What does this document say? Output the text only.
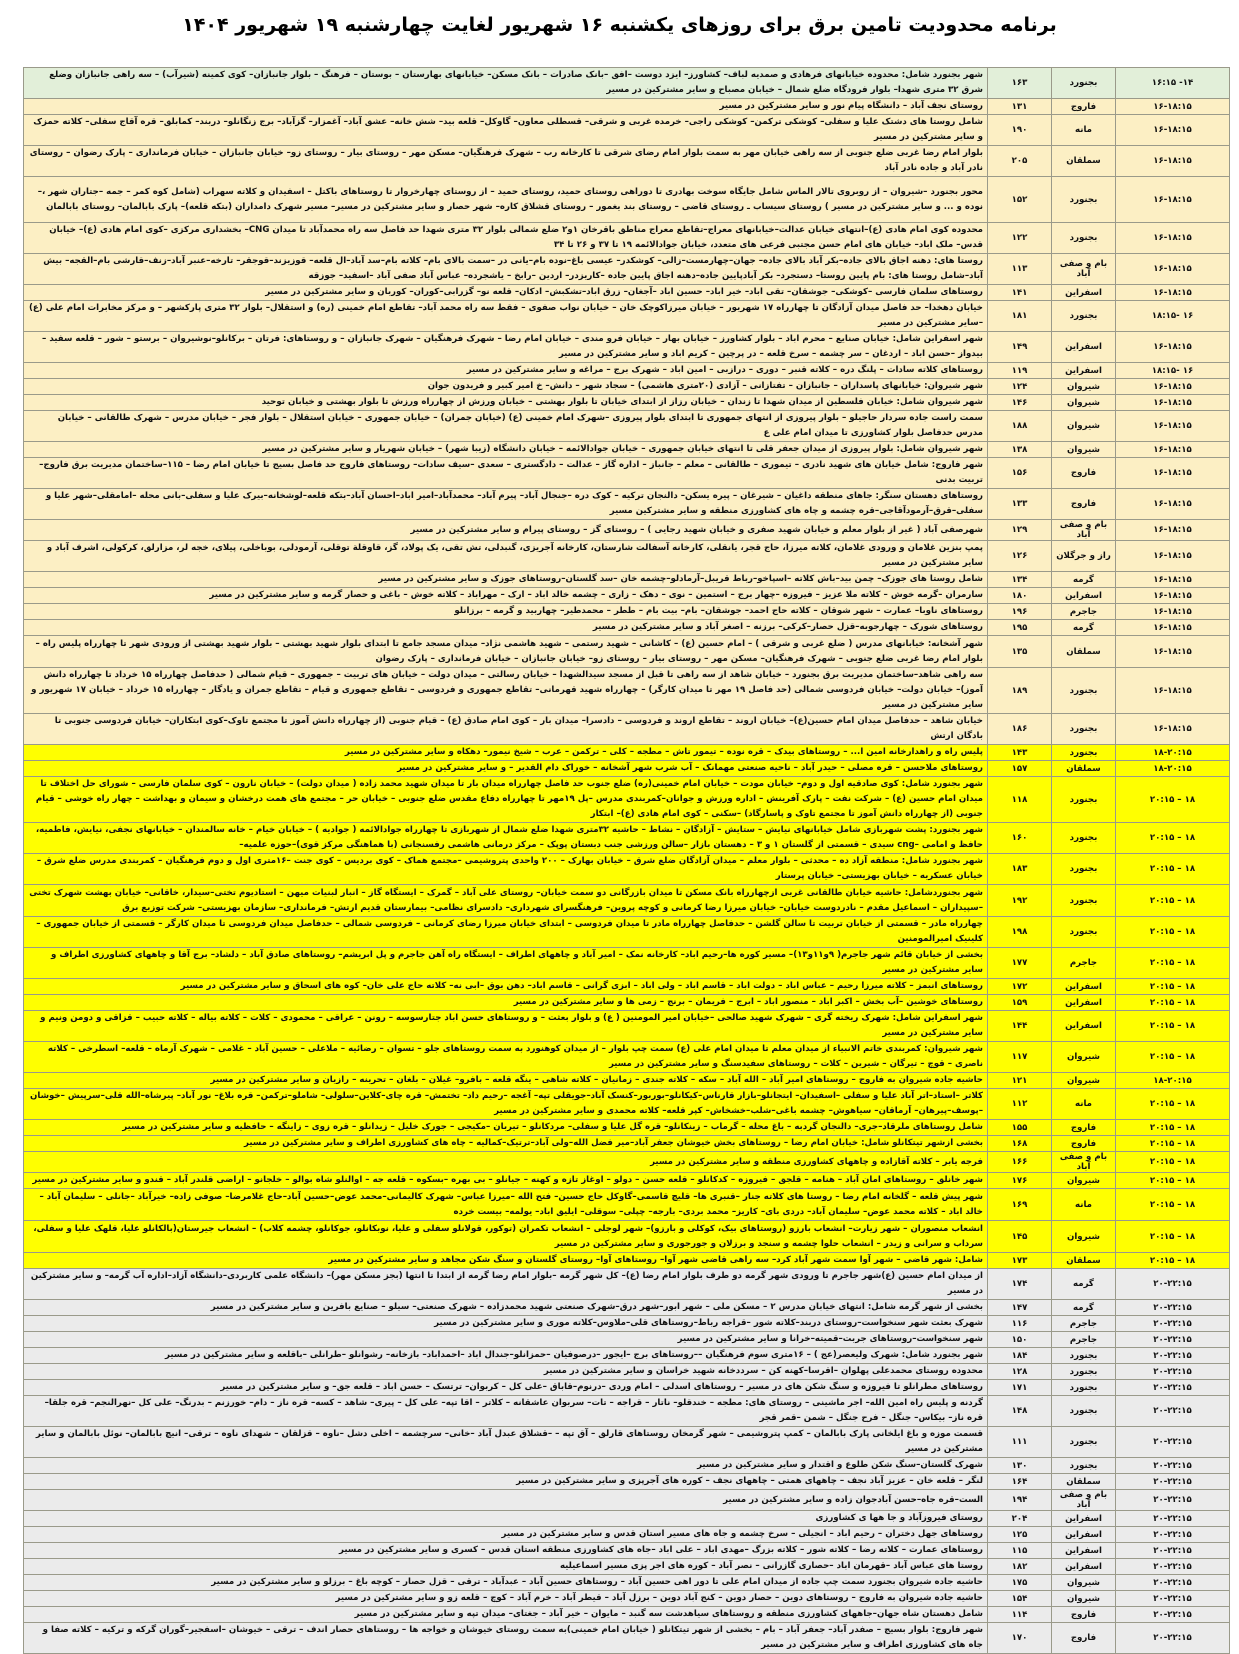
برنامه محدودیت تامین برق برای روزهای یکشنبه ۱۶ شهریور لغایت چهارشنبه ۱۹ شهریور ۱۴۰۴
۱۴- ۱۶:۱۵	بجنورد	۱۶۳	شهر بجنورد شامل: محدوده خیابانهای فرهادی و صمدیه لباف– کشاورز– ایزد دوست –افق –بانک صادرات – بانک مسکن– خیابانهای بهارستان – بوستان – فرهنگ – بلوار جانبازان– کوی کمینه (شیرآب) – سه راهی جانبازان وضلع شرق ۳۲ متری شهدا– بلوار فرودگاه ضلع شمال – خیابان مصباح و سایر مشترکین در مسیر
۱۶-۱۸:۱۵	فاروج	۱۳۱	روستای نجف آباد – دانشگاه پیام نور و سایر مشترکین در مسیر
۱۶-۱۸:۱۵	مانه	۱۹۰	شامل روستا های دشتک علیا و سفلی– کوشکی ترکمن– کوشکی راجی– خرمده غربی و شرقی– قسطلی معاون– گاوکل– قلعه بید– شش خانه– عشق آباد– آغمزار– گزآباد– برج زنگانلو– دربند– کمابلق– قره آقاج سفلی– کلاته حمزک و سایر مشترکین در مسیر
۱۶-۱۸:۱۵	سملقان	۲۰۵	بلوار امام رضا غربی ضلع جنوبی از سه راهی خیابان مهر به سمت بلوار امام رضای شرقی تا کارخانه رب – شهرک فرهنگیان– مسکن مهر – روستای بیار – روستای زو– خیابان جانبازان – خیابان فرمانداری – پارک رضوان – روستای نادر آباد و جاده نادر آباد
۱۶-۱۸:۱۵	بجنورد	۱۵۲	محور بجنورد –شیروان – از روبروی تالار الماس شامل جایگاه سوخت بهادری تا دوراهی روستای حمید، روستای حمید – از روستای چهارخروار تا روستاهای باکتل – اسفیدان و کلاته سهراب (شامل کوه کمر – جمه –جتاران شهر ،– نوده و ... و سایر مشترکین در مسیر ) روستای سیساب ـ روستای قاضی – روستای بند یغمور – روستای قشلاق کاره– شهر حصار و سایر مشترکین در مسیر– مسیر شهرک دامداران (بتکه قلعه)– پارک بابالمان– روستای بابالمان
۱۶-۱۸:۱۵	بجنورد	۱۲۲	محدوده کوی امام هادی (ع)–انتهای خیابان عدالت–خیابانهای معراج–تقاطع معراج مناطق باقرخان ۱و۲ ضلع شمالی بلوار ۳۲ متری شهدا حد فاصل سه راه محمدآباد تا میدان CNG– بخشداری مرکزی –کوی امام هادی (ع)– خیابان قدس– ملک اباد– خیابان های امام حسن مجتبی فرعی های متعدد، خیابان جوادالائمه ۱۹ تا ۳۷ و ۲۶ تا ۳۴
۱۶-۱۸:۱۵	بام و صفی آباد	۱۱۳	روستا های: دهنه اجاق بالای جاده–بکر آباد بالای جاده– جهان–چهارمست–زالی– کوشکدر– عیسی باغ–نوده بام–یانی در –سمت بالای بام– کلاته بام–سد آباد–ال قلعه– قوزیزند–قوجقر– تارخه–عنبر آباد–زنف–قارشی بام–القجه– بیش آباد–شامل روستا های: بام پایین روستا– دستجرد– بکر آبادپایین جاده–دهنه اجاق پایین جاده –کاریزدر– اردین –رابخ – یاشجرده– عباس آباد صفی آباد –اسفید– جوزقه
۱۶-۱۸:۱۵	اسفراین	۱۴۱	روستاهای سلمان فارسی –کوشکی– جوشقان– تقی اباد– خیر اباد– حسین اباد –آجغان– زرق اباد–تشکبش– ادکان– قلعه نو– گزرابی–کوران– کوربان و سایر مشترکین در مسیر
۱۶ -۱۸:۱۵	بجنورد	۱۸۱	خیابان دهخدا– حد فاصل میدان آزادگان تا چهارراه ۱۷ شهریور – خیابان میرزاکوچک خان – خیابان نواب صفوی – فقط سه راه محمد آباد– تقاطع امام خمینی (ره) و استقلال– بلوار ۳۲ متری پارکشهر – و مرکز مخابرات امام علی (ع) –سایر مشترکین در مسیر
۱۶-۱۸:۱۵	اسفراین	۱۴۹	شهر اسفراین شامل: خیابان صنایع – محرم اباد – بلوار کشاورز – خیابان بهار – خیابان فرو مندی – خیابان امام رضا – شهرک فرهنگیان – شهرک جانبازان – و روستاهای: فرتان – برکانلو–نوشیروان – برستو – شور – قلعه سفید – بیدواز –حسن اباد – اردغان – سر چشمه – سرخ قلعه – در پرچین – کریم اباد و سایر مشترکین در مسیر
۱۶ -۱۸:۱۵	اسفراین	۱۱۹	روستاهای کلاته سادات – پلنگ دره – کلاته قنبر – دوری – درازبی – امین اباد – شهرک برج – مراغه و سایر مشترکین در مسیر
۱۶-۱۸:۱۵	شیروان	۱۲۴	شهر شیروان: خیابانهای پاسداران – جانبازان – تفتازانی – آزادی (۲۰متری هاشمی) – سجاد شهر – دانش– خ امیر کبیر و فریدون جوان
۱۶-۱۸:۱۵	شیروان	۱۴۶	شهر شیروان شامل: خیابان فلسطین از میدان شهدا تا زندان – خیابان رزاز از ابتدای خیابان تا بلوار بهشتی – خیابان ورزش از چهارراه ورزش تا بلوار بهشتی و خیابان توحید
۱۶-۱۸:۱۵	شیروان	۱۸۸	سمت راست جاده سردار حاجیلو – بلوار پیروزی از انتهای جمهوری تا ابتدای بلوار پیروزی –شهرک امام خمینی (ع) (خیابان جمران) – خیابان جمهوری – خیابان استقلال – بلوار فجر – خیابان مدرس – شهرک طالقانی – خیابان مدرس حدفاصل بلوار کشاورزی تا میدان امام علی ع
۱۶-۱۸:۱۵	شیروان	۱۳۸	شهر شیروان شامل: بلوار پیروزی از میدان جعفر قلی تا انتهای خیابان جمهوری – خیابان جوادالائمه – خیابان دانشگاه (زیبا شهر) – خیابان شهریار و سایر مشترکین در مسیر
۱۶-۱۸:۱۵	فاروج	۱۵۶	شهر فاروج: شامل خیابان های شهید نادری – تیموری – طالقانی – معلم – جانباز – اداره گاز – عدالت – دادگستری – سعدی –سیف سادات– روستاهای فاروج حد فاصل بسیج تا خیابان امام رضا – ۱۱۵–ساختمان مدیریت برق فاروج– تربیت بدنی
۱۶-۱۸:۱۵	فاروج	۱۳۳	روستاهای دهستان سنگر: جاهای منطقه داغیان – شیرغان – پیره یسکن– دالنجان ترکیه – کوک دره –جنجال آباد– پیرم آباد– محمدآباد–امیر اباد–احسان آباد–بتکه قلعه–لوشخانه–بیرک علیا و سفلی–بانی محله –امامقلی–شهر علیا و سفلی–قرق–آرمودآقاجی–قره چشمه و چاه های کشاورزی منطقه و سایر مشترکین مسیر
۱۶-۱۸:۱۵	بام و صفی آباد	۱۲۹	شهرصفی آباد ( غیر از بلوار معلم و خیابان شهید صفری و خیابان شهید رجایی ) – روستای گز – روستای پیرام و سایر مشترکین در مسیر
۱۶-۱۸:۱۵	راز و جرگلان	۱۲۶	پمپ بنزین غلامان و ورودی غلامان، کلاته میرزا، حاج قجر، یانقلی، کارخانه آسفالت شارستان، کارخانه آجریزی، گنبدلی، تش تقی، یک پولاد، گز، قاوقلة توقلی، آرمودلی، بوباخلی، پیلای، خجه لر، مزارلق، کرکولی، اشرف آباد و سایر مشترکین در مسیر
۱۶-۱۸:۱۵	گرمه	۱۳۴	شامل روستا های جوزک– چمن بید–باش کلاته –اسپاخو–رباط قریبل–آرمادلو–چشمه خان –سد گلستان–روستاهای جوزک و سایر مشترکین در مسیر
۱۶-۱۸:۱۵	اسفراین	۱۸۰	سارمران –گرمه خوش – کلاته ملا عزیز – فیروزه –چهار برج – استمین – نوی – دهک – زاری – چشمه خالد اباد – ارک – مهراباد – کلاته خوش – باغی و حصار گرمه و سایر مشترکین در مسیر
۱۶-۱۸:۱۵	جاجرم	۱۹۶	روستاهای ناوبا– عمارت – شهر شوقان – کلاته حاج احمد– جوشقان– بام– بیت بام – ططر – محمدطیر– چهاربید و گرمه – برزانلو
۱۶-۱۸:۱۵	گرمه	۱۹۵	روستاهای شورک – چهارجوبه–قزل حصار–کرکی– برزنه – اصغر آباد و سایر مشترکین در مسیر
۱۶-۱۸:۱۵	سملقان	۱۳۵	شهر آشخانه: خیابانهای مدرس ( ضلع غربی و شرقی ) – امام حسین (ع) – کاشانی – شهید رستمی – شهید هاشمی نژاد– میدان مسجد جامع تا ابتدای بلوار شهید بهشتی – بلوار شهید بهشتی از ورودی شهر تا چهارراه پلیس راه – بلوار امام رضا غربی ضلع جنوبی – شهرک فرهنگیان– مسکن مهر – روستای بیار – روستای زو– خیابان جانبازان – خیابان فرمانداری – پارک رضوان
۱۶-۱۸:۱۵	بجنورد	۱۸۹	سه راهی شاهد–ساختمان مدیریت برق بجنورد – خیابان شاهد از سه راهی تا قبل از مسجد سیدالشهدا – خیابان رسالتی – میدان دولت – خیابان های تربیت – جمهوری – قیام شمالی ( حدفاصل چهارراه ۱۵ خرداد تا چهارراه دانش آموز)– خیابان دولت– خیابان فردوسی شمالی (حد فاصل ۱۹ مهر تا میدان کارگر) – چهارراه شهید قهرمانی– تقاطع جمهوری و فردوسی – تقاطع جمهوری و قیام – تقاطع جمران و یادگار – چهارراه ۱۵ خرداد – خیابان ۱۷ شهریور و سایر مشترکین در مسیر
۱۶-۱۸:۱۵	بجنورد	۱۸۶	خیابان شاهد – حدفاصل میدان امام حسین(ع)– خیابان اروند – تقاطع اروند و فردوسی – دادسرا– میدان بار – کوی امام صادق (ع) – قیام جنوبی (از چهارراه دانش آموز تا مجتمع تاوک–کوی ابتکاران– خیابان فردوسی جنوبی تا بادگان ارتش
۱۸-۲۰:۱۵	بجنورد	۱۴۳	پلیس راه و راهدارخانه امین ا... – روستاهای بیدک – قره نوده – تیمور تاش – مطجه – کلی – ترکمن – عرب – شیخ نیمور– دهکاه و سایر مشترکین در مسیر
۱۸-۲۰:۱۵	سملقان	۱۵۷	روستاهای ملاحسن – قره مصلی – حیدر آباد – ناحیه صنعتی مهمانک – آب شرب شهر آشخانه – خوراک دام القدیر – و سایر مشترکین در مسیر
۱۸ – ۲۰:۱۵	بجنورد	۱۱۸	شهر بجنورد شامل: کوی صادقیه اول و دوم– خیابان مودت – خیابان امام خمینی(ره) ضلع جنوب حد فاصل چهارراه میدان بار تا میدان شهید محمد زاده ( میدان دولت) – خیابان نارون – کوی سلمان فارسی – شورای حل اختلاف تا میدان امام حسین (ع) – شرکت نفت – پارک آفرینش – اداره ورزش و جوانان–کمربندی مدرس –پل ۱۹مهر تا چهارراه دفاع مقدس ضلع جنوبی – خیابان حر – مجتمع های همت درخشان و سیمان و بهداشت – چهار راه خوشی – قیام جنوبی (از چهارراه دانش آموز تا مجتمع تاوک و پاسارگاد) –سکنی – کوی امام هادی (ع)– ابتکار
۱۸ – ۲۰:۱۵	بجنورد	۱۶۰	شهر بجنورد: پشت شهربازی شامل خیابانهای نیایش – ستایش – آزادگان – نشاط – حاشیه ۳۲متری شهدا ضلع شمال از شهربازی تا چهارراه جوادالائمه ( جوادیه ) – خیابان خیام – خانه سالمندان – خیابانهای نجفی، نیایش، فاطمیه، حافظ و امامی –cng سیدی – قسمتی از گلستان ۱ و ۳ – دهستان بازار –سالن ورزشی جنب دبستان پوپک – مرکز درمانی هاشمی رفسنجانی (با هماهنگی مرکز قوی)–حوزه علمیه–
۱۸ – ۲۰:۱۵	بجنورد	۱۸۳	شهر بجنورد شامل: منطقه آزاد ده – محدثی – بلوار معلم – میدان آزادگان ضلع شرق – خیابان بهارک – ۲۰۰ واحدی پتروشیمی –مجتمع هماک – کوی بردیس – کوی جنت –۱۶متری اول و دوم فرهنگیان – کمربندی مدرس ضلع شرق – خیابان عسکریه – خیابان بهزیستی– خیابان پرستار
۱۸ – ۲۰:۱۵	بجنورد	۱۹۲	شهر بجنوردشامل: حاشیه خیابان طالقانی غربی ازچهارراه بانک مسکن تا میدان بازرگانی دو سمت خیابان– روستای علی آباد – گمرک – ایستگاه گاز – انبار لبنیات میهن – استادیوم تختی–سیدار، خاقانی– خیابان بهشت شهرک تختی –سپیداران – اسماعیل مقدم – نادردوست خیابان– خیابان میرزا رضا کرمانی و کوچه پروین– فرهنگسرای شهرداری– دادسرای نظامی– بیمارستان قدیم ارتش– فرمانداری– سازمان بهزیستی– شرکت توزیع برق
۱۸ – ۲۰:۱۵	بجنورد	۱۹۸	چهارراه مادر – قسمتی از خیابان تربیت تا سالن گلشن – حدفاصل چهارراه مادر تا میدان فردوسی – ابتدای خیابان میرزا رضای کرمانی – فردوسی شمالی – حدفاصل میدان فردوسی تا میدان کارگر – قسمتی از خیابان جمهوری – کلینیک امیرالمومنین
۱۸ – ۲۰:۱۵	جاجرم	۱۷۷	بخشی از خیابان قائم شهر جاجرم( ۹و۱۱و۱۳)– مسیر کوره ها–رحیم اباد– کارخانه نمک – امیر آباد و چاههای اطراف – ایستگاه راه آهن جاجرم و پل ابریشم– روستاهای صادق آباد – دلشاد– برج آقا و چاههای کشاورزی اطراف و سایر مشترکین در مسیر
۱۸ – ۲۰:۱۵	اسفراین	۱۷۲	روستاهای انبمز – کلاته میرزا رحیم – عباس اباد – دولت اباد – قاسم اباد – ولی اباد – ابزی گرانی – قاسم اباد– دهن بوق –ابی نه– کلاته حاج علی خان– کوه های اسحاق و سایر مشترکین در مسیر
۱۸ – ۲۰:۱۵	اسفراین	۱۵۹	روستاهای خوشین –آب بخش – اکبر اباد – منصور اباد – ابرج – فریمان – برنج – زمی ها و سایر مشترکین در مسیر
۱۸ – ۲۰:۱۵	اسفراین	۱۴۴	شهر اسفراین شامل: شهرک ریخته گری – شهرک شهید صالحی –خیابان امیر المومنین ( ع) و بلوار بعثت – و روستاهای حسن اباد جتارسوسه – رونن – عراقی – محمودی – کلات – کلاته بیاله – کلاته حبیب – قزاقی و دومن ونیم و سایر مشترکین در مسیر
۱۸ – ۲۰:۱۵	شیروان	۱۱۷	شهر شیروان: کمربندی خاتم الانبیاء از میدان معلم تا میدان امام علی (ع) سمت چپ بلوار – از میدان کوهنورد به سمت روستاهای جلو – تسوان – رضائیه – ملاعلی – حسین آباد – غلامی – شهرک آرماه – قلعه– اسطرخی – کلاته ناصری – قوچ – تیرگان – شیرین – کلات – روستاهای سفیدسنگ و سایر مشترکین در مسیر
۱۸-۲۰:۱۵	شیروان	۱۲۱	حاشیه جاده شیروان به فاروج – روستاهای امیر آباد – الله آباد – سکه – کلاته جندی – زمانیان – کلاته شاهی – ینگه قلعه – بافرو– غیلان – بلغان – تحرینه – رازیان و سایر مشترکین در مسیر
۱۸ – ۲۰:۱۵	مانه	۱۱۲	کلاتر –استاد–اتر آباد علیا و سفلی –اسفیدان– ایتجانلو–بازار قارناس–کیکانلو–بوربور–کنسک آباد–جویقلی تپه– آغجه –رحیم داد– تختمش– قره چای–کلاین–سلولی– شاملو–ترکمن– قره بلاغ– نور آباد– پیرشاه–الله قلی–سرپیش –خوشان –پوسف–پیرهان– آرماقان– سیاهوش– چشمه باغی–شلب–خشخاش– کپر قلعه– کلاته محمدی و سایر مشترکین در مسیر
۱۸ – ۲۰:۱۵	فاروج	۱۵۵	شامل روستاهای ملرقاد–جری– دالنجان گردبه – باغ محله – گرماب – زینکانلو– قره گل علیا و سفلی– مردکانلو – تیربان –مکیجی – جورک خلیل – زیدانلو – قره زوی – زاینگه – حافظیه و سایر مشترکین در مسیر
۱۸ – ۲۰:۱۵	فاروج	۱۶۸	بخشی ازشهر تیتکانلو شامل: خیابان امام رضا – روستاهای بخش خیوشان جعفر آباد–میر فضل الله–ولی آباد–ترتیک–کمالیه – چاه های کشاورزی اطراف و سایر مشترکین در مسیر
۱۸ – ۲۰:۱۵	بام و صفی آباد	۱۶۶	فرجه یابر – کلاته آقازاده و چاههای کشاورزی منطقه و سایر مشترکین در مسیر
۱۸ – ۲۰:۱۵	شیروان	۱۷۶	شهر خانلق – روستاهای امان آباد – هنامه – قلجق – فیروزه – کدکانلو – قلعه حسن – دولو – اوغاز تازه و کهنه – جیانلو – بی بهره –بسکوه – قلعه جه – اوالنلو شاه بوالو – خلجانو – اراضی قلندر آباد – قندو و سایر مشترکین در مسیر
۱۸ – ۲۰:۱۵	مانه	۱۶۹	شهر پیش قلعه – گلخانه امام رضا – روستا های کلاته جنار –قنبری ها– قلیچ قاسمی–گاوکل حاج حسین– فتح الله –میرزا عباس– شهرک کالیمانی–محمد عوض–حسین آباد–حاج غلامرضا– صوفی زاده– خیرآباد –جانلی – سلیمان آباد – خالد اباد – کلاته محمد عوض– سلیمان آباد– دردی بای– کاریز– محمد بردی– بارجه– چپلی– سوقلی– ایلیق اباد– یولمه– بیست خرده
۱۸ – ۲۰:۱۵	شیروان	۱۴۵	انشعاب منصوران – شهر زیارت– انشعاب بارزو (روستاهای بیک، کوکلی و بارزو)– شهر لوجلی – انشعاب تکمران (توکور، قولانلو سفلی و علیا، نوبکانلو، جوکانلو، چشمه کلاب) – انشعاب جیرستان(بالکانلو علیا، قلهک علیا و سفلی، سرداب و سرانی و زیدر – انشعاب حلوا چشمه و سنجد و برزلان و جورجوری و سایر مشترکین در مسیر
۱۸ – ۲۰:۱۵	سملقان	۱۷۳	شامل: شهر قاضی – شهر آوا سمت شهر آباد کرد– سه راهی قاضی شهر آوا– روستاهای آوا– روستای گلستان و سنگ شکن مجاهد و سایر مشترکین در مسیر
۲۰-۲۲:۱۵	گرمه	۱۷۴	از میدان امام حسین (ع)شهر جاجرم تا ورودی شهر گرمه دو طرف بلوار امام رضا (ع)– کل شهر گرمه –بلوار امام رضا گرمه از ابتدا تا انتها (بجز مسکن مهر)– دانشگاه علمی کاربردی–دانشگاه آزاد–اداره آب گرمه– و سایر مشترکین در مسیر
۲۰-۲۲:۱۵	گرمه	۱۴۷	بخشی از شهر گرمه شامل: انتهای خیابان مدرس ۲ – مسکن ملی – شهر ابور–شهر درق–شهرک صنعتی شهید محمدزاده – شهرک صنعتی– سیلو – صنایع بافرین و سایر مشترکین در مسیر
۲۰-۲۲:۱۵	جاجرم	۱۱۶	شهرک بعثت شهر سنخواست–روستای دربند–کلاته شور –قراجه رباط–روستاهای قلی–ملاوس–کلاته موری و سایر مشترکین در مسیر
۲۰-۲۲:۱۵	جاجرم	۱۵۰	شهر سنخواست–روستاهای جربت–قمیته–خرانا و سایر مشترکین در مسیر
۲۰-۲۲:۱۵	بجنورد	۱۸۴	شهر بجنورد شامل: شهرک ولیعصر(عج ) – ۱۶متری سوم فرهنگیان ––روستاهای برج –ایجور –درصوفیان –حمزانلو–جندال اباد –احمداباد– بازخانه– رشوانلو –طرانلی –باقلعه و سایر مشترکین در مسیر
۲۰-۲۲:۱۵	بجنورد	۱۲۸	محدوده روستای محمدعلی پهلوان –اقرسا–کهنه کن – سرددخانه شهید خراسان و سایر مشترکین در مسیر
۲۰-۲۲:۱۵	بجنورد	۱۷۱	روستاهای مطرانلو تا فیروزه و سنگ شکن های در مسیر – روستاهای اسدلی – امام وردی –درنوم–قاباق –علی کل – کربوان– ترتسک – حسن اباد – قلعه جق– و سایر مشترکین در مسیر
۲۰-۲۲:۱۵	بجنورد	۱۴۸	گردنه و پلیس راه امین الله– اجر ماشینی – روستای های: مطجه – خندقلو– ناتار – قراجه – تات– سربوان عاشقانه – کلاتر – اقا تپه– علی کل – پیری– شاهد – کسه– قره ناز – دام– خورزنم – بدرنگ– علی کل –نهرالنجم– قره جلقا– قره ناز– بیکاس– جنگل – فرح جنگل – شمن –قمر قجر
۲۰-۲۲:۱۵	بجنورد	۱۱۱	قسمت موزه و باغ ایلخانی پارک بابالمان – کمپ پتروشیمی – شهر گرمخان روستاهای قارلق – آق تپه – –قشلاق عبدل آباد –خانی– سرچشمه – اخلی دشل –ناوه – قزلقان – شهدای ناوه – ترقی– انیچ بابالمان– نوئل بابالمان و سایر مشترکین در مسیر
۲۰-۲۲:۱۵	بجنورد	۱۳۰	شهرک گلستان–سنگ شکن طلوع و اقتدار و سایر مشترکین در مسیر
۲۰-۲۲:۱۵	سملقان	۱۶۴	لنگر – قلعه خان – عزیز آباد نجف – چاههای همتی – چاههای نجف – کوره های آجرپزی و سایر مشترکین در مسیر
۲۰-۲۲:۱۵	بام و صفی آباد	۱۹۴	الست–قره جاه–حسن آبادجوان زاده و سایر مشترکین در مسیر
۲۰-۲۲:۱۵	اسفراین	۲۰۴	روستای فیروزآباد و جا هها ی کشاورزی
۲۰-۲۲:۱۵	اسفراین	۱۲۵	روستاهای جهل دختران – رحیم اباد – انجیلی – سرخ چشمه و جاه های مسیر استان قدس و سایر مشترکین در مسیر
۲۰-۲۲:۱۵	اسفراین	۱۱۵	روستاهای عمارت – کلاته رضا – کلاته شور – کلاته بزرگ –مهدی اباد – علی اباد –جاه های کشاورزی منطقه استان قدس – کسری و سایر مشترکین در مسیر
۲۰-۲۲:۱۵	اسفراین	۱۸۲	روستا های عباس آباد –قهرمان اباد –حصاری گازرانی – نصر آباد – کوره های اجر پزی مسیر اسماعیلیه
۲۰-۲۲:۱۵	شیروان	۱۷۵	حاشیه جاده شیروان بجنورد سمت چپ جاده از میدان امام علی تا دور اهی حسین آباد – روستاهای حسین آباد – عبدآباد – ترقی – قزل حصار – کوچه باغ – برزلو و سایر مشترکین در مسیر
۲۰-۲۲:۱۵	شیروان	۱۵۴	حاشیه جاده شیروان به فاروج – روستاهای دوین – حصار دوین – کنج آباد دوین – برزل آباد – قیطر آباد – خرم آباد – کوچ – قلعه زو و سایر مشترکین در مسیر
۲۰-۲۲:۱۵	فاروج	۱۱۴	شامل دهستان شاه جهان–جاههای کشاورزی منطقه و روستاهای سیاهدشت سه گنبد – مایوان – خیر آباد – جغتای– میدان تپه و سایر مشترکین در مسیر
۲۰-۲۲:۱۵	فاروج	۱۷۰	شهر فاروج: بلوار بسیج – صفدر آباد– جعفر آباد – بام – بخشی از شهر تیتکانلو ( خیابان امام خمینی)به سمت روستای خیوشان و خواجه ها – روستاهای حصار اندف – ترقی – خیوشان –اسفجیر–گوران گرکه و ترکیه – کلاته صفا و جاه های کشاورزی اطراف و سایر مشترکین در مسیر
